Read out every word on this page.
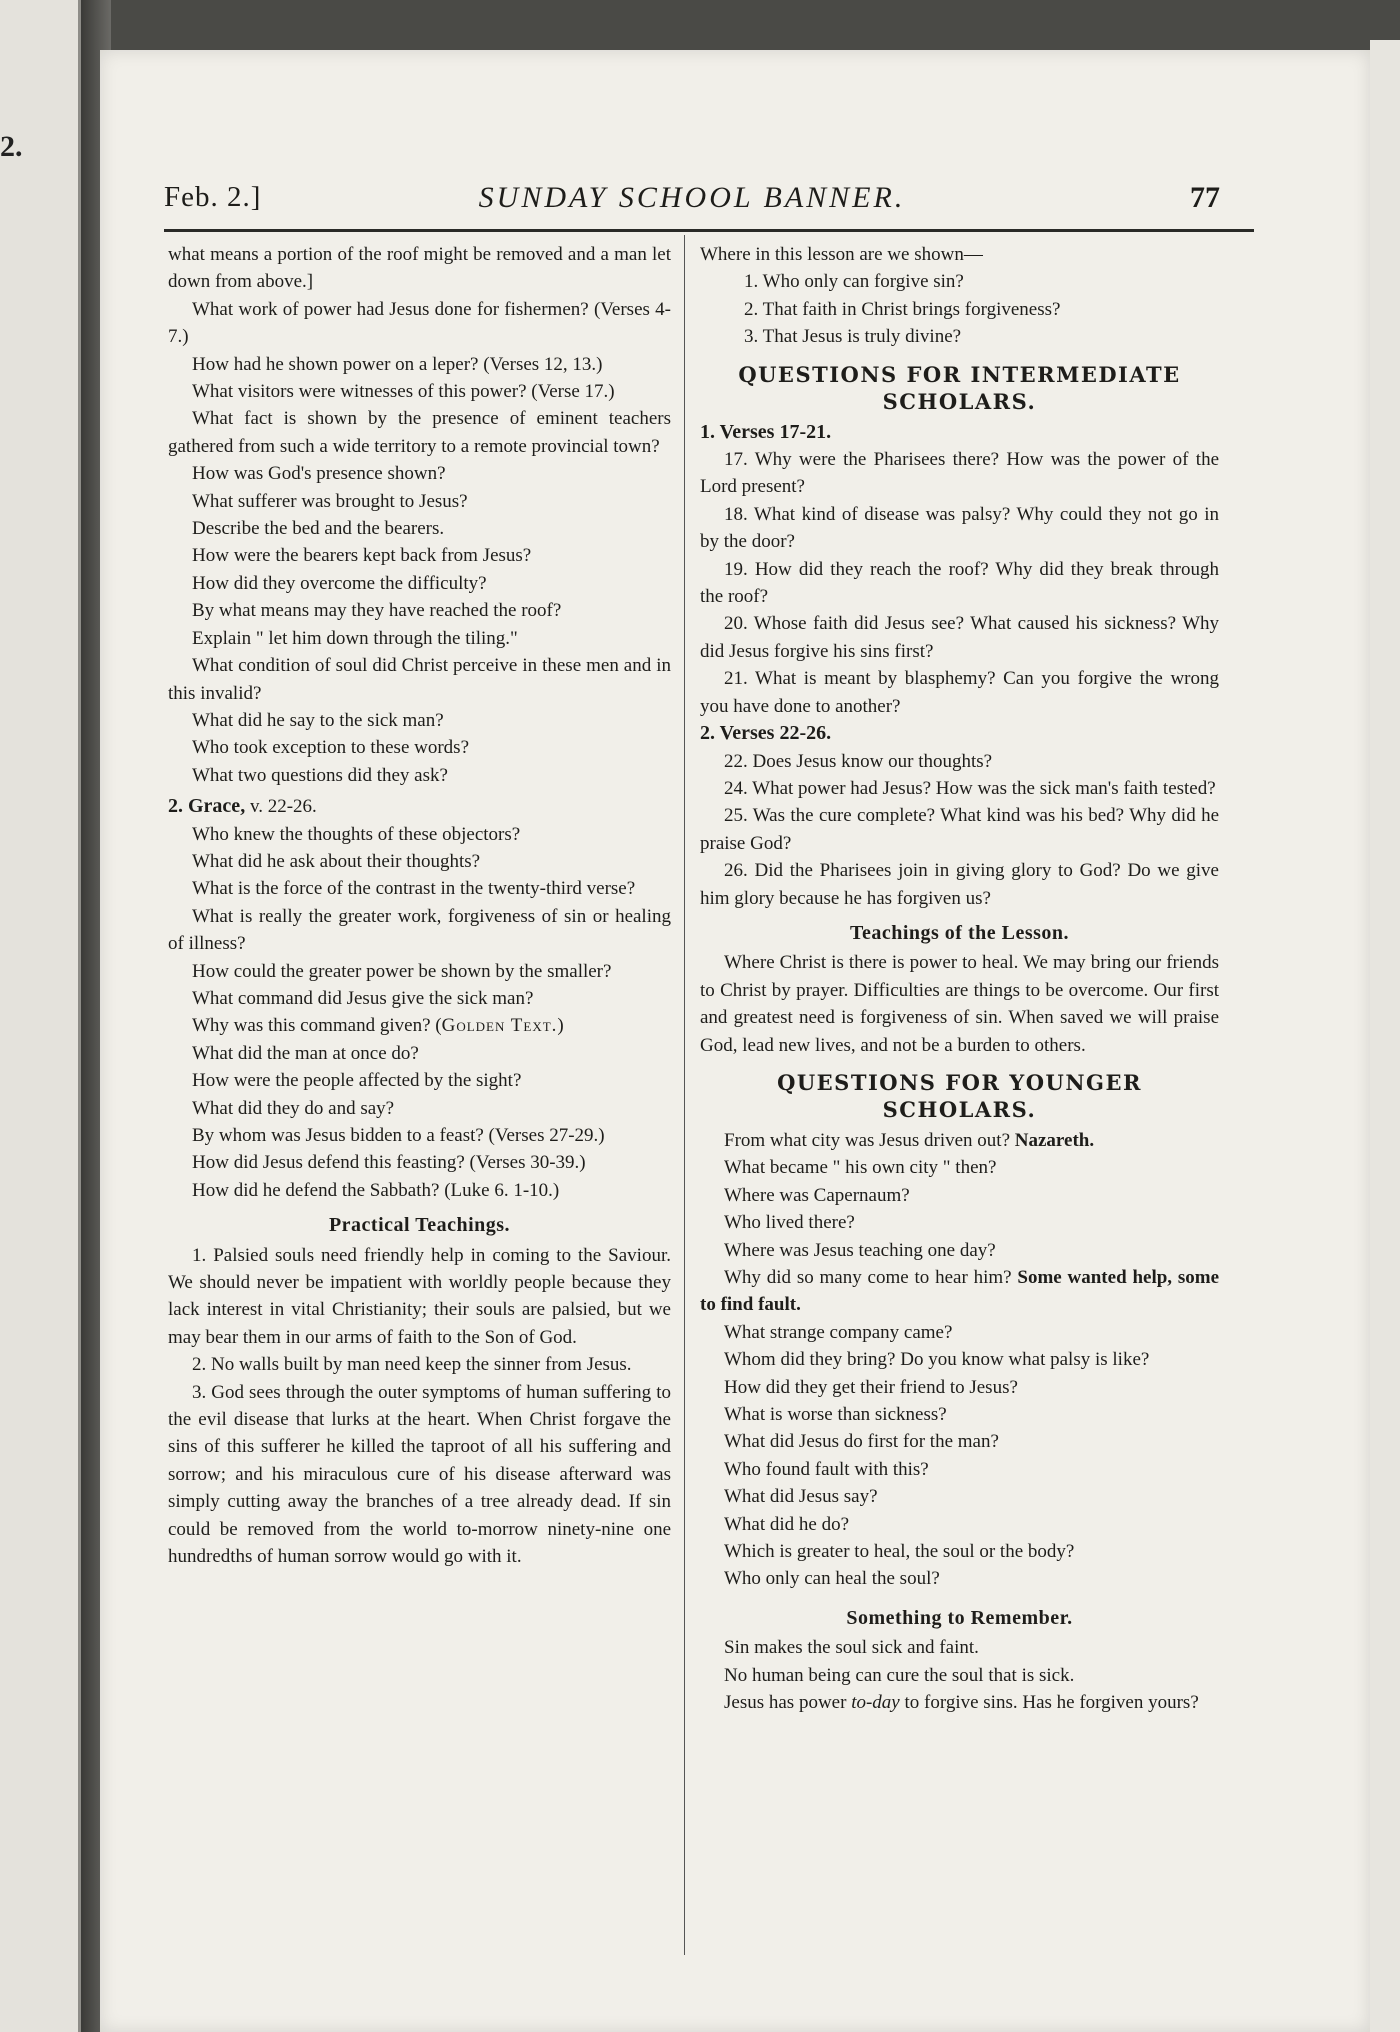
2.
Feb. 2.]	SUNDAY SCHOOL BANNER.	77

what means a portion of the roof might be removed and a man let down from above.]

What work of power had Jesus done for fishermen? (Verses 4-7.)

How had he shown power on a leper? (Verses 12, 13.)

What visitors were witnesses of this power? (Verse 17.)

What fact is shown by the presence of eminent teachers gathered from such a wide territory to a remote provincial town?

How was God's presence shown?

What sufferer was brought to Jesus?

Describe the bed and the bearers.

How were the bearers kept back from Jesus?

How did they overcome the difficulty?

By what means may they have reached the roof?

Explain " let him down through the tiling."

What condition of soul did Christ perceive in these men and in this invalid?

What did he say to the sick man?

Who took exception to these words?

What two questions did they ask?

2. Grace, v. 22-26.

Who knew the thoughts of these objectors?

What did he ask about their thoughts?

What is the force of the contrast in the twenty-third verse?

What is really the greater work, forgiveness of sin or healing of illness?

How could the greater power be shown by the smaller?

What command did Jesus give the sick man?

Why was this command given? (Golden Text.)

What did the man at once do?

How were the people affected by the sight?

What did they do and say?

By whom was Jesus bidden to a feast? (Verses 27-29.)

How did Jesus defend this feasting? (Verses 30-39.)

How did he defend the Sabbath? (Luke 6. 1-10.)

Practical Teachings.

1. Palsied souls need friendly help in coming to the Saviour. We should never be impatient with worldly people because they lack interest in vital Christianity; their souls are palsied, but we may bear them in our arms of faith to the Son of God.

2. No walls built by man need keep the sinner from Jesus.

3. God sees through the outer symptoms of human suffering to the evil disease that lurks at the heart. When Christ forgave the sins of this sufferer he killed the taproot of all his suffering and sorrow; and his miraculous cure of his disease afterward was simply cutting away the branches of a tree already dead. If sin could be removed from the world to-morrow ninety-nine one hundredths of human sorrow would go with it.

Where in this lesson are we shown—

1. Who only can forgive sin?

2. That faith in Christ brings forgiveness?

3. That Jesus is truly divine?

QUESTIONS FOR INTERMEDIATE
SCHOLARS.

1. Verses 17-21.

17. Why were the Pharisees there? How was the power of the Lord present?

18. What kind of disease was palsy? Why could they not go in by the door?

19. How did they reach the roof? Why did they break through the roof?

20. Whose faith did Jesus see? What caused his sickness? Why did Jesus forgive his sins first?

21. What is meant by blasphemy? Can you forgive the wrong you have done to another?

2. Verses 22-26.

22. Does Jesus know our thoughts?

24. What power had Jesus? How was the sick man's faith tested?

25. Was the cure complete? What kind was his bed? Why did he praise God?

26. Did the Pharisees join in giving glory to God? Do we give him glory because he has forgiven us?

Teachings of the Lesson.

Where Christ is there is power to heal. We may bring our friends to Christ by prayer. Difficulties are things to be overcome. Our first and greatest need is forgiveness of sin. When saved we will praise God, lead new lives, and not be a burden to others.

QUESTIONS FOR YOUNGER
SCHOLARS.

From what city was Jesus driven out? Nazareth.

What became " his own city " then?

Where was Capernaum?

Who lived there?

Where was Jesus teaching one day?

Why did so many come to hear him? Some wanted help, some to find fault.

What strange company came?

Whom did they bring? Do you know what palsy is like?

How did they get their friend to Jesus?

What is worse than sickness?

What did Jesus do first for the man?

Who found fault with this?

What did Jesus say?

What did he do?

Which is greater to heal, the soul or the body?

Who only can heal the soul?

Something to Remember.

Sin makes the soul sick and faint.

No human being can cure the soul that is sick.

Jesus has power to-day to forgive sins. Has he forgiven yours?
